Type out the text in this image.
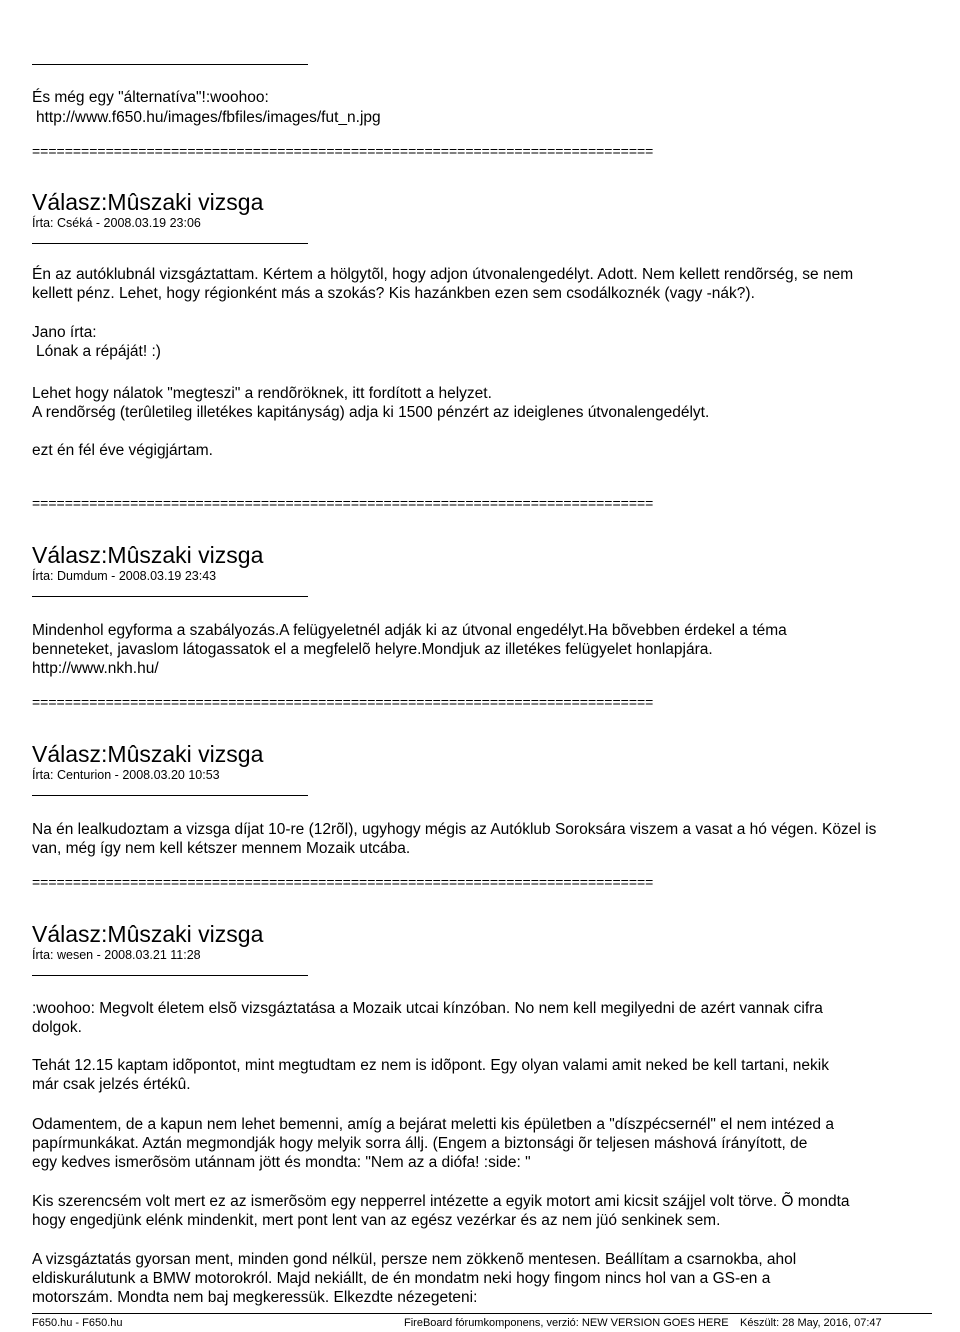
És még egy "álternatíva"!:woohoo:
http://www.f650.hu/images/fbfiles/images/fut_n.jpg
============================================================================
Válasz:Mûszaki vizsga
Írta: Cséká - 2008.03.19 23:06
Én az autóklubnál vizsgáztattam. Kértem a hölgytõl, hogy adjon útvonalengedélyt. Adott. Nem kellett rendõrség, se nem
kellett pénz. Lehet, hogy régionként más a szokás? Kis hazánkben ezen sem csodálkoznék (vagy -nák?).
Jano írta:
Lónak a répáját! :)
Lehet hogy nálatok "megteszi" a rendõröknek, itt fordított a helyzet.
A rendõrség (terûletileg illetékes kapitányság) adja ki 1500 pénzért az ideiglenes útvonalengedélyt.
ezt én fél éve végigjártam.
============================================================================
Válasz:Mûszaki vizsga
Írta: Dumdum - 2008.03.19 23:43
Mindenhol egyforma a szabályozás.A felügyeletnél adják ki az útvonal engedélyt.Ha bõvebben érdekel a téma
benneteket, javaslom látogassatok el a megfelelõ helyre.Mondjuk az illetékes felügyelet honlapjára.
http://www.nkh.hu/
============================================================================
Válasz:Mûszaki vizsga
Írta: Centurion - 2008.03.20 10:53
Na én lealkudoztam a vizsga díjat 10-re (12rõl), ugyhogy mégis az Autóklub Soroksára viszem a vasat a hó végen. Közel is
van, még így nem kell kétszer mennem Mozaik utcába.
============================================================================
Válasz:Mûszaki vizsga
Írta: wesen - 2008.03.21 11:28
:woohoo: Megvolt életem elsõ vizsgáztatása a Mozaik utcai kínzóban. No nem kell megilyedni de azért vannak cifra
dolgok.
Tehát 12.15 kaptam idõpontot, mint megtudtam ez nem is idõpont. Egy olyan valami amit neked be kell tartani, nekik
már csak jelzés értékû.
Odamentem, de a kapun nem lehet bemenni, amíg a bejárat meletti kis épületben a "díszpécsernél" el nem intézed a
papírmunkákat. Aztán megmondják hogy melyik sorra állj. (Engem a biztonsági õr teljesen máshová írányított, de
egy kedves ismerõsöm utánnam jött és mondta: "Nem az a diófa! :side: "
Kis szerencsém volt mert ez az ismerõsöm egy nepperrel intézette a egyik motort ami kicsit szájjel volt törve. Õ mondta
hogy engedjünk elénk mindenkit, mert pont lent van az egész vezérkar és az nem jüó senkinek sem.
A vizsgáztatás gyorsan ment, minden gond nélkül, persze nem zökkenõ mentesen. Beállítam a csarnokba, ahol
eldiskurálutunk a BMW motorokról. Majd nekiállt, de én mondatm neki hogy fingom nincs hol van a GS-en a
motorszám. Mondta nem baj megkeressük. Elkezdte nézegeteni:
F650.hu - F650.hu	FireBoard fórumkomponens, verzió: NEW VERSION GOES HERE Készült: 28 May, 2016, 07:47
